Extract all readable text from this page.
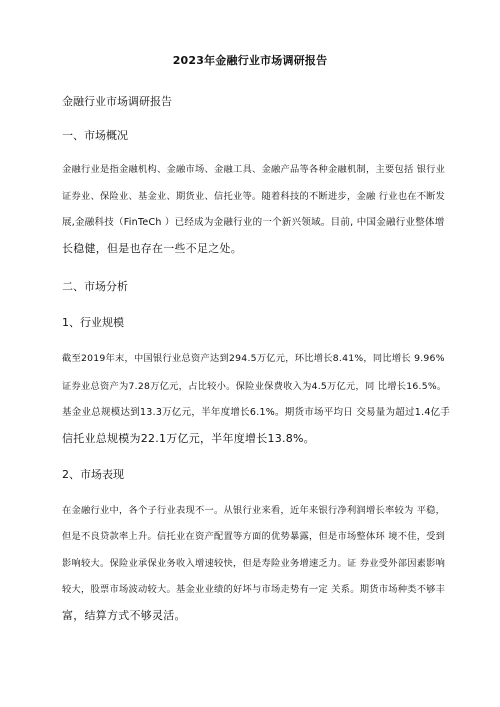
2023年金融行业市场调研报告
金融行业市场调研报告
一、市场概况
金融行业是指金融机构、金融市场、金融工具、金融产品等各种金融机制，主要包括 银行业
证券业、保险业、基金业、期货业、信托业等。随着科技的不断进步，金融 行业也在不断发
展,金融科技（FinTeCh ）已经成为金融行业的一个新兴领域。目前, 中国金融行业整体增
长稳健，但是也存在一些不足之处。
二、市场分析
1、行业规模
截至2019年末，中国银行业总资产达到294.5万亿元，环比增长8.41%，同比增长 9.96%
证券业总资产为7.28万亿元，占比较小。保险业保费收入为4.5万亿元，同 比增长16.5%。
基金业总规模达到13.3万亿元，半年度增长6.1%。期货市场平均日 交易量为超过1.4亿手
信托业总规模为22.1万亿元，半年度增长13.8%。
2、市场表现
在金融行业中，各个子行业表现不一。从银行业来看，近年来银行净利润增长率较为 平稳，
但是不良贷款率上升。信托业在资产配置等方面的优势暴露，但是市场整体环 境不佳，受到
影响较大。保险业承保业务收入增速较快，但是寿险业务增速乏力。证 券业受外部因素影响
较大，股票市场波动较大。基金业业绩的好坏与市场走势有一定 关系。期货市场种类不够丰
富，结算方式不够灵活。
